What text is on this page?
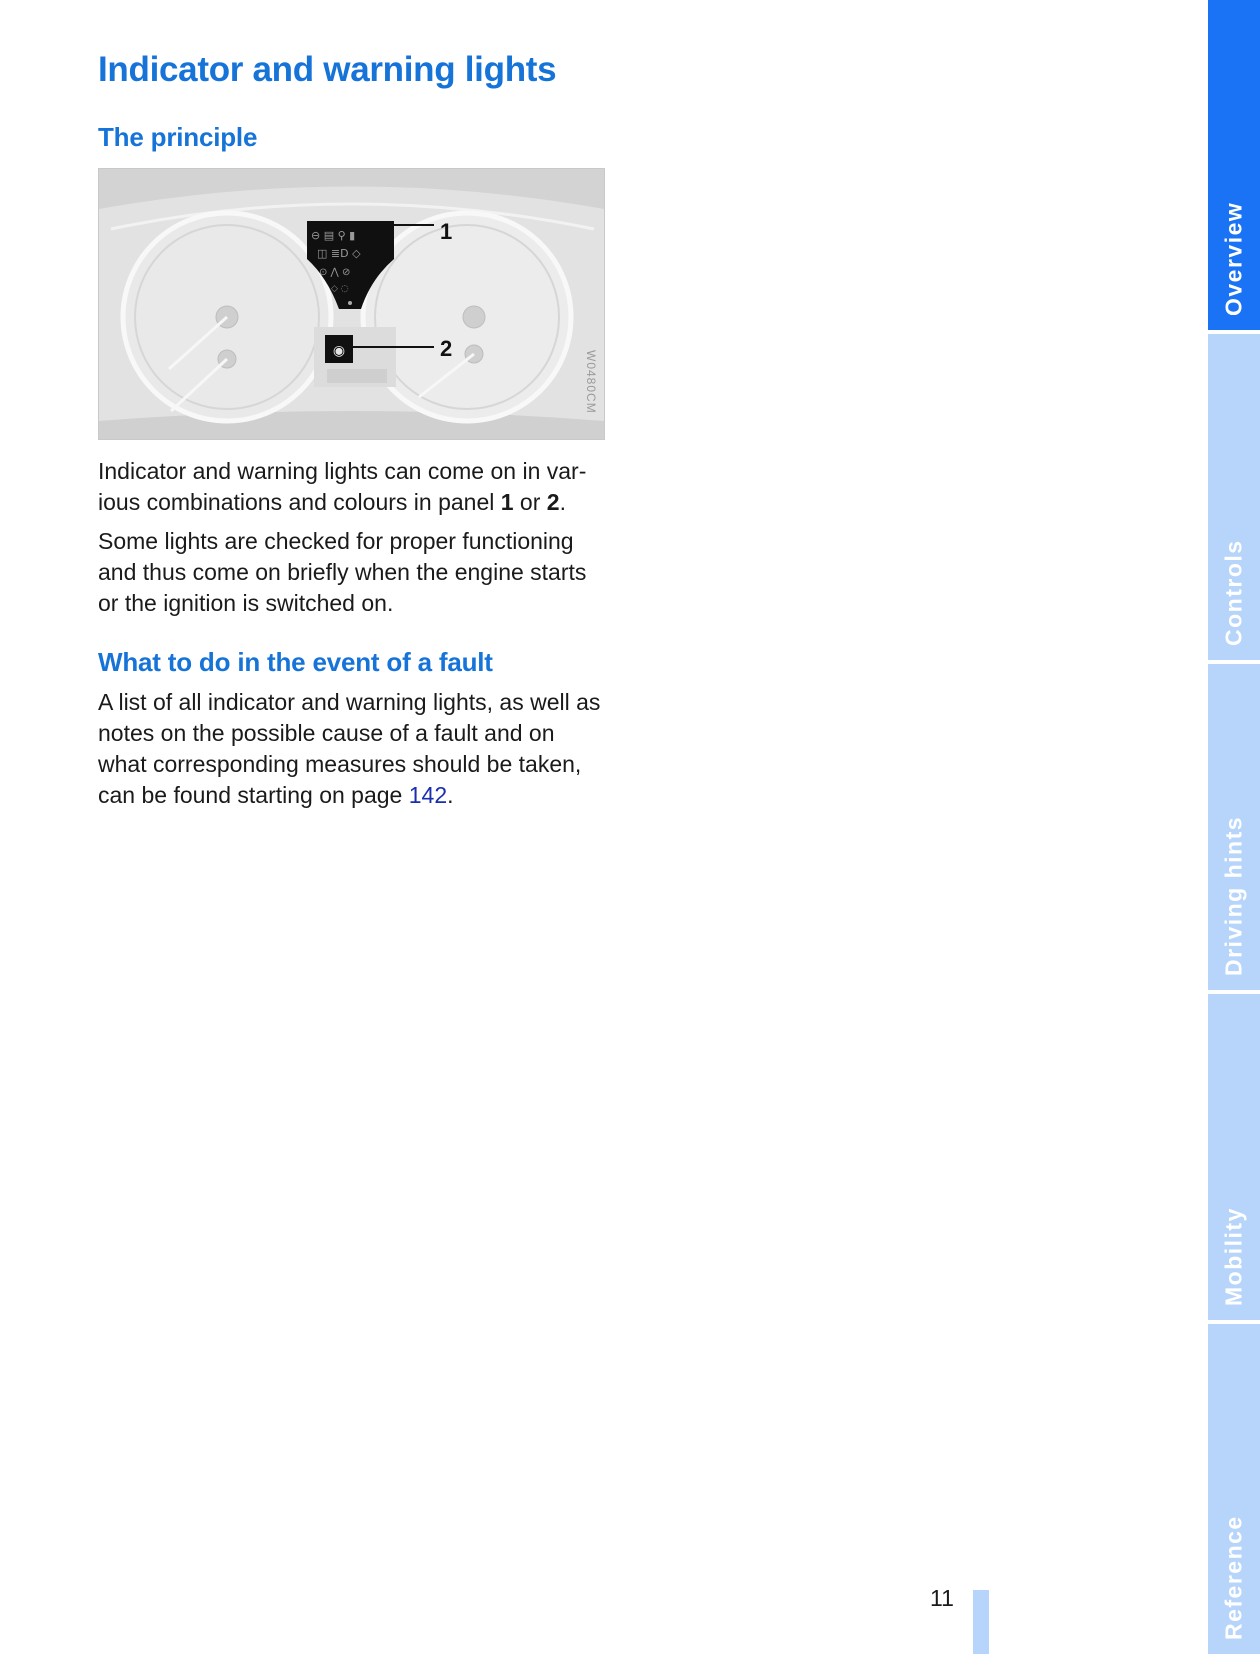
Indicator and warning lights
The principle
⊖ ▤ ⚲ ▮
◫ ≣D ◇
⊙ ⋀ ⊘
◇ ◌
◉
1
2
W0480CM

Indicator and warning lights can come on in var-
ious combinations and colours in panel 1 or 2.

Some lights are checked for proper functioning and thus come on briefly when the engine starts or the ignition is switched on.

What to do in the event of a fault

A list of all indicator and warning lights, as well as notes on the possible cause of a fault and on what corresponding measures should be taken, can be found starting on page 142.

11
Overview
Controls
Driving hints
Mobility
Reference
